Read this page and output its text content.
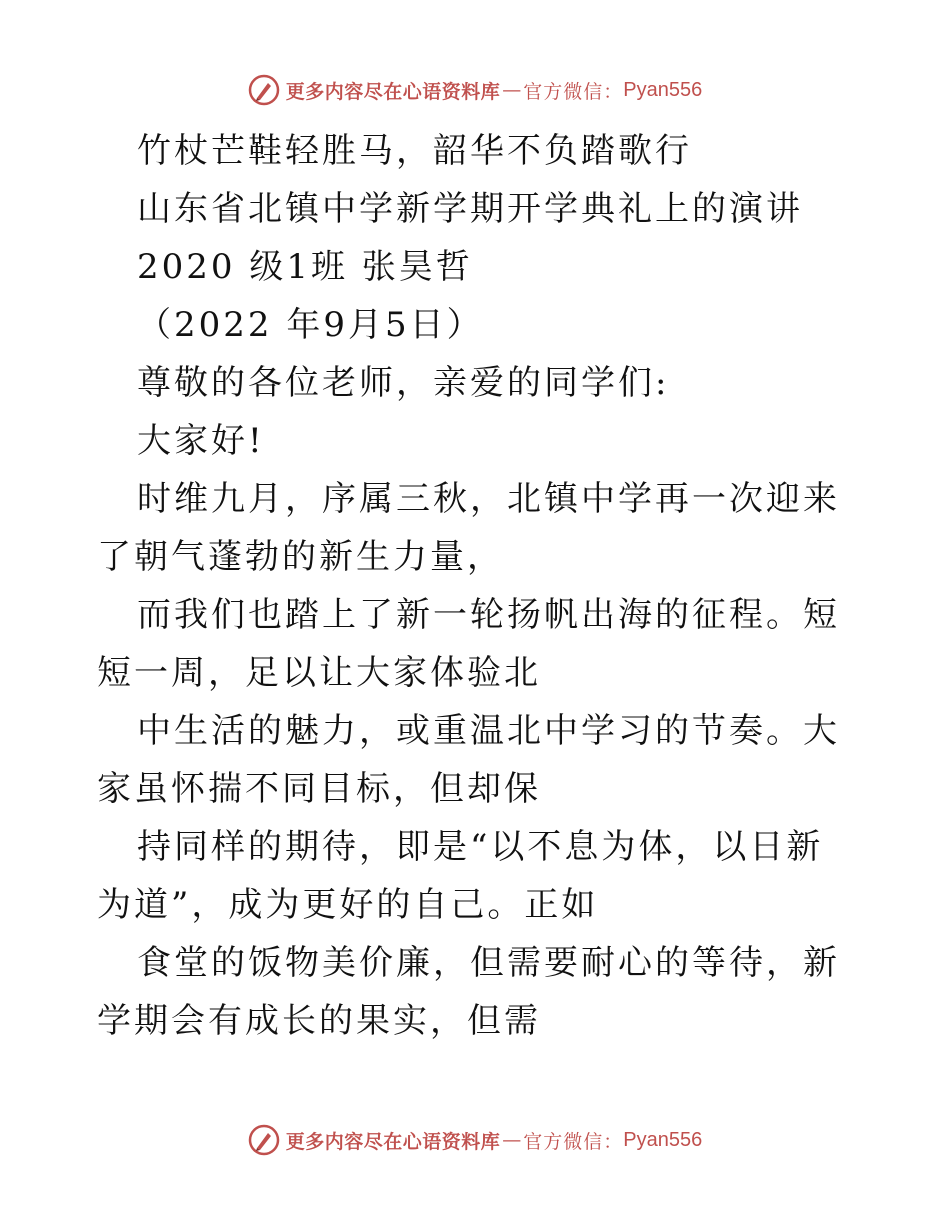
更多内容尽在心语资料库 — 官方微信： Pyan556

竹杖芒鞋轻胜马，韶华不负踏歌行

山东省北镇中学新学期开学典礼上的演讲

2020 级1班 张昊哲

（2022 年9月5日）

尊敬的各位老师，亲爱的同学们:

大家好!

时维九月，序属三秋，北镇中学再一次迎来了朝气蓬勃的新生力量，

而我们也踏上了新一轮扬帆出海的征程。短短一周，足以让大家体验北

中生活的魅力，或重温北中学习的节奏。大家虽怀揣不同目标，但却保

持同样的期待，即是“以不息为体，以日新为道”，成为更好的自己。正如

食堂的饭物美价廉，但需要耐心的等待，新学期会有成长的果实，但需

更多内容尽在心语资料库 — 官方微信： Pyan556
